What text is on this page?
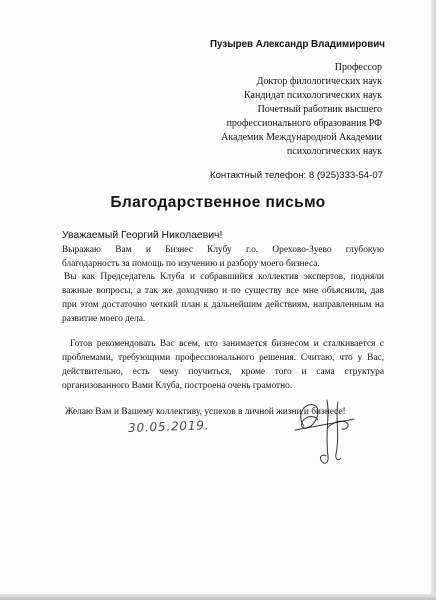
Пузырев Александр Владимирович
Профессор
Доктор филологических наук
Кандидат психологических наук
Почетный работник высшего
профессионального образования РФ
Академик Международной Академии
психологических наук
Контактный телефон: 8 (925)333-54-07
Благодарственное письмо
Уважаемый Георгий Николаевич!
Выражаю Вам и Бизнес Клубу г.о. Орехово-Зуево глубокую
благодарность за помощь по изучению и разбору моего бизнеса.
Вы как Председатель Клуба и собравшийся коллектив экспертов, подняли
важные вопросы, а так же доходчиво и по существу все мне объяснили, дав
при этом достаточно четкий план к дальнейшим действиям, направленным на
развитие моего дела.
Готов рекомендовать Вас всем, кто занимается бизнесом и сталкивается с
проблемами, требующими профессионального решения. Считаю, что у Вас,
действительно, есть чему поучиться, кроме того и сама структура
организованного Вами Клуба, построена очень грамотно.
Желаю Вам и Вашему коллективу, успехов в личной жизни и бизнесе!
30.05.2019.
